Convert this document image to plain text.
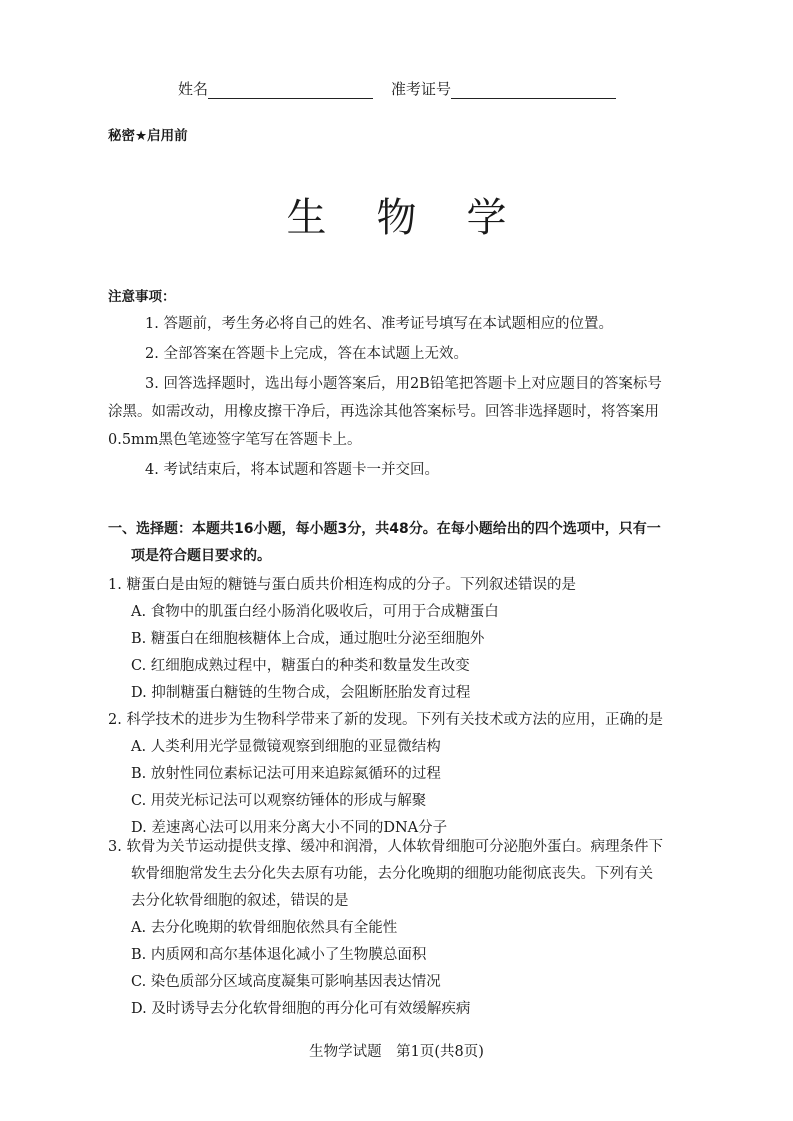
姓名	准考证号
秘密★启用前
生物学
注意事项：
1. 答题前，考生务必将自己的姓名、准考证号填写在本试题相应的位置。
2. 全部答案在答题卡上完成，答在本试题上无效。
3. 回答选择题时，选出每小题答案后，用2B铅笔把答题卡上对应题目的答案标号
涂黑。如需改动，用橡皮擦干净后，再选涂其他答案标号。回答非选择题时，将答案用
0.5mm黑色笔迹签字笔写在答题卡上。
4. 考试结束后，将本试题和答题卡一并交回。
一、选择题：本题共16小题，每小题3分，共48分。在每小题给出的四个选项中，只有一
项是符合题目要求的。
1. 糖蛋白是由短的糖链与蛋白质共价相连构成的分子。下列叙述错误的是
A. 食物中的肌蛋白经小肠消化吸收后，可用于合成糖蛋白
B. 糖蛋白在细胞核糖体上合成，通过胞吐分泌至细胞外
C. 红细胞成熟过程中，糖蛋白的种类和数量发生改变
D. 抑制糖蛋白糖链的生物合成，会阻断胚胎发育过程
2. 科学技术的进步为生物科学带来了新的发现。下列有关技术或方法的应用，正确的是
A. 人类利用光学显微镜观察到细胞的亚显微结构
B. 放射性同位素标记法可用来追踪氮循环的过程
C. 用荧光标记法可以观察纺锤体的形成与解聚
D. 差速离心法可以用来分离大小不同的DNA分子
3. 软骨为关节运动提供支撑、缓冲和润滑，人体软骨细胞可分泌胞外蛋白。病理条件下
软骨细胞常发生去分化失去原有功能，去分化晚期的细胞功能彻底丧失。下列有关
去分化软骨细胞的叙述，错误的是
A. 去分化晚期的软骨细胞依然具有全能性
B. 内质网和高尔基体退化减小了生物膜总面积
C. 染色质部分区域高度凝集可影响基因表达情况
D. 及时诱导去分化软骨细胞的再分化可有效缓解疾病
生物学试题　第1页(共8页)
